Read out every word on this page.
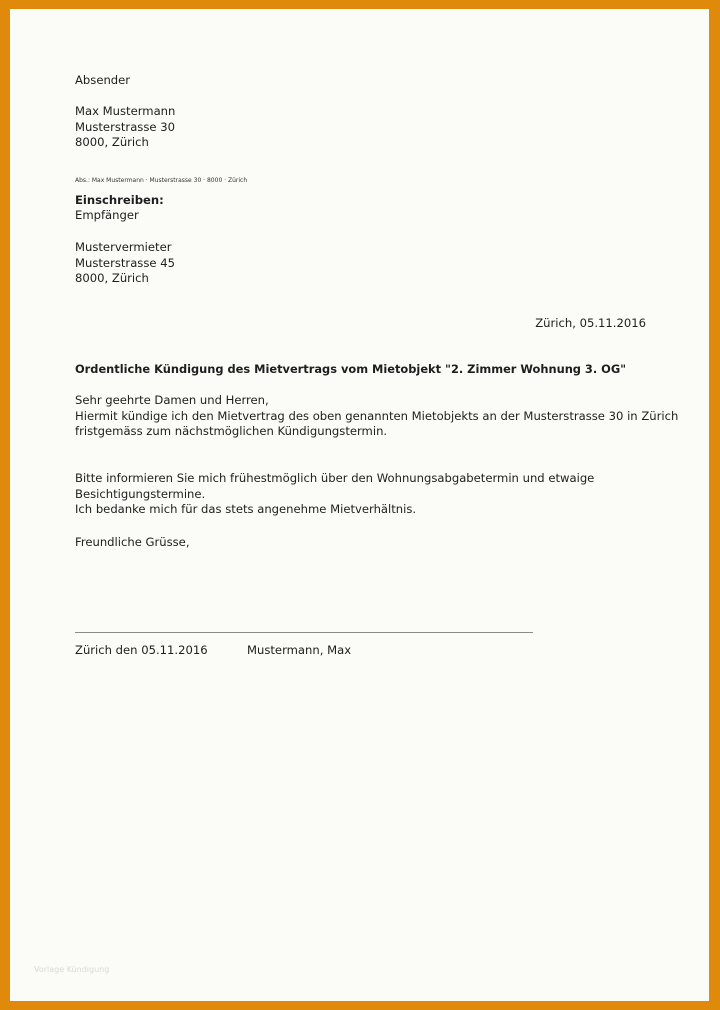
Absender
Max Mustermann
Musterstrasse 30
8000, Zürich
Abs.: Max Mustermann · Musterstrasse 30 · 8000 · Zürich
Einschreiben:
Empfänger
Mustervermieter
Musterstrasse 45
8000, Zürich
Zürich, 05.11.2016
Ordentliche Kündigung des Mietvertrags vom Mietobjekt "2. Zimmer Wohnung 3. OG"
Sehr geehrte Damen und Herren,
Hiermit kündige ich den Mietvertrag des oben genannten Mietobjekts an der Musterstrasse 30 in Zürich
fristgemäss zum nächstmöglichen Kündigungstermin.
Bitte informieren Sie mich frühestmöglich über den Wohnungsabgabetermin und etwaige
Besichtigungstermine.
Ich bedanke mich für das stets angenehme Mietverhältnis.
Freundliche Grüsse,
Zürich den 05.11.2016	Mustermann, Max
Vorlage Kündigung
